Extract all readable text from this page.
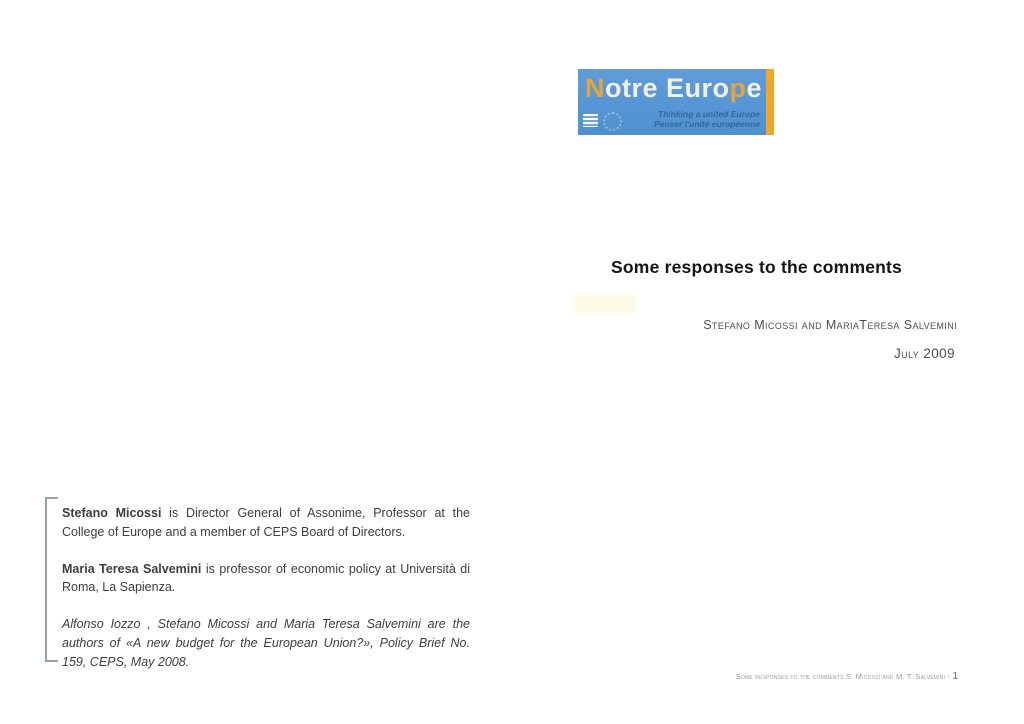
Notre Europe
Thinking a united Europe
Penser l'unité européenne
Some responses to the comments
Stefano Micossi and MariaTeresa Salvemini
July 2009

Stefano Micossi is Director General of Assonime, Professor at the College of Europe and a member of CEPS Board of Directors.

Maria Teresa Salvemini is professor of economic policy at Università di Roma, La Sapienza.

Alfonso Iozzo , Stefano Micossi and Maria Teresa Salvemini are the authors of «A new budget for the European Union?», Policy Brief No. 159, CEPS, May 2008.

Some responses to the comments S. Micossi and M. T. Salvemini - 1
